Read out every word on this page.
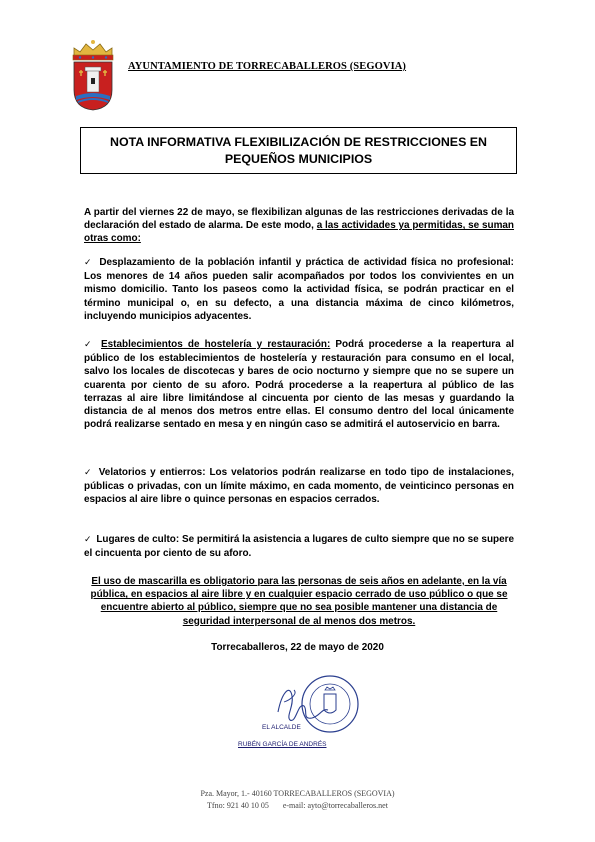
AYUNTAMIENTO DE TORRECABALLEROS (SEGOVIA)
NOTA INFORMATIVA FLEXIBILIZACIÓN DE RESTRICCIONES EN
PEQUEÑOS MUNICIPIOS

A partir del viernes 22 de mayo, se flexibilizan algunas de las restricciones derivadas de la declaración del estado de alarma. De este modo, a las actividades ya permitidas, se suman otras como:

✓ Desplazamiento de la población infantil y práctica de actividad física no profesional: Los menores de 14 años pueden salir acompañados por todos los convivientes en un mismo domicilio. Tanto los paseos como la actividad física, se podrán practicar en el término municipal o, en su defecto, a una distancia máxima de cinco kilómetros, incluyendo municipios adyacentes.

✓ Establecimientos de hostelería y restauración: Podrá procederse a la reapertura al público de los establecimientos de hostelería y restauración para consumo en el local, salvo los locales de discotecas y bares de ocio nocturno y siempre que no se supere un cuarenta por ciento de su aforo. Podrá procederse a la reapertura al público de las terrazas al aire libre limitándose al cincuenta por ciento de las mesas y guardando la distancia de al menos dos metros entre ellas. El consumo dentro del local únicamente podrá realizarse sentado en mesa y en ningún caso se admitirá el autoservicio en barra.

✓ Velatorios y entierros: Los velatorios podrán realizarse en todo tipo de instalaciones, públicas o privadas, con un límite máximo, en cada momento, de veinticinco personas en espacios al aire libre o quince personas en espacios cerrados.

✓ Lugares de culto: Se permitirá la asistencia a lugares de culto siempre que no se supere el cincuenta por ciento de su aforo.

El uso de mascarilla es obligatorio para las personas de seis años en adelante, en la vía pública, en espacios al aire libre y en cualquier espacio cerrado de uso público o que se encuentre abierto al público, siempre que no sea posible mantener una distancia de seguridad interpersonal de al menos dos metros.
Torrecaballeros, 22 de mayo de 2020
EL ALCALDE
RUBÉN GARCÍA DE ANDRÉS
Pza. Mayor, 1.- 40160 TORRECABALLEROS (SEGOVIA)
Tfno: 921 40 10 05 e-mail: ayto@torrecaballeros.net
